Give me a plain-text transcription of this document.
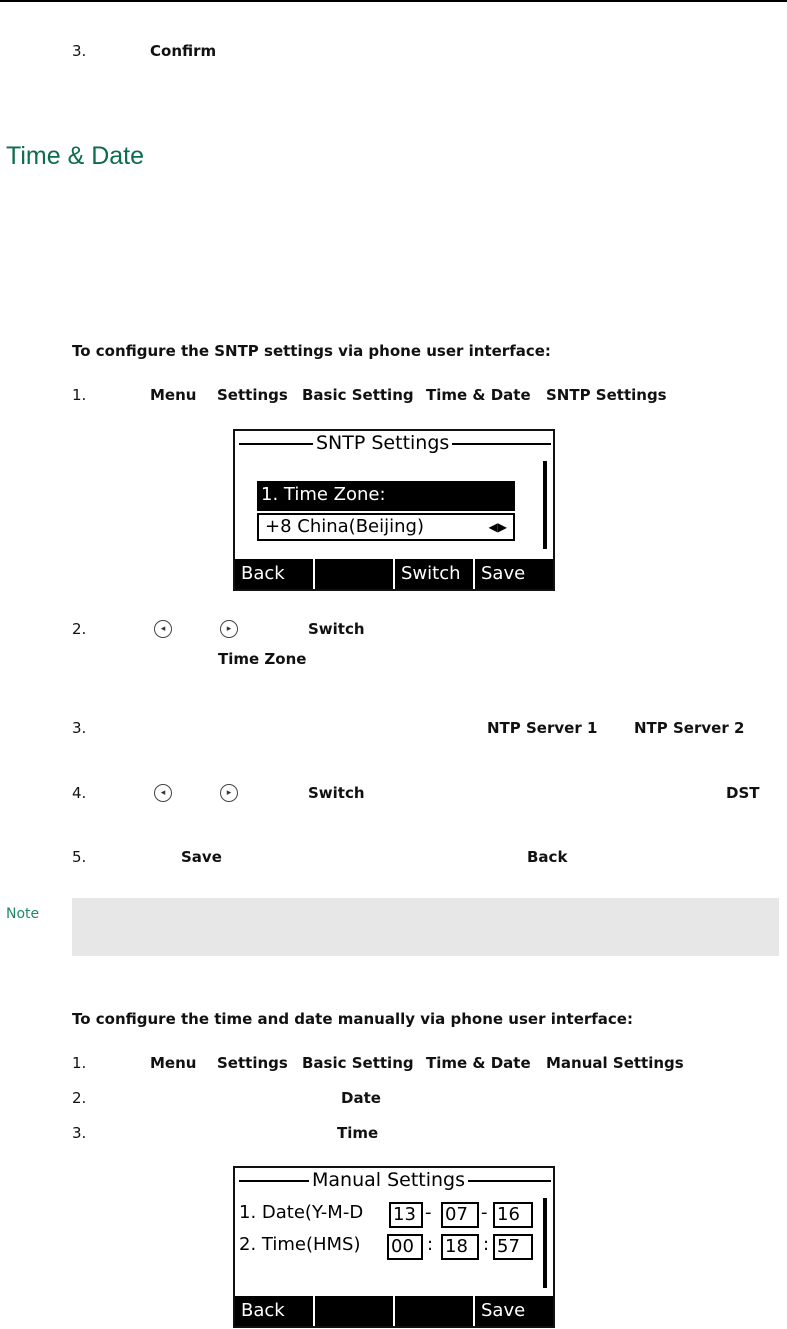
3.	Confirm
Time & Date
To configure the SNTP settings via phone user interface:
1.	Menu Settings Basic Setting Time & Date SNTP Settings
SNTP Settings
1. Time Zone:
+8 China(Beijing)	◀▶
Back	Switch	Save
2.	◂	▸	Switch
Time Zone
3.	NTP Server 1 NTP Server 2
4.	◂	▸	Switch	DST
5.	Save	Back
Note
To configure the time and date manually via phone user interface:
1.	Menu Settings Basic Setting Time & Date Manual Settings
2.	Date
3.	Time
Manual Settings
1. Date(Y-M-D 13 - 07 - 16
2. Time(HMS) 00 : 18 : 57
Back	Save
